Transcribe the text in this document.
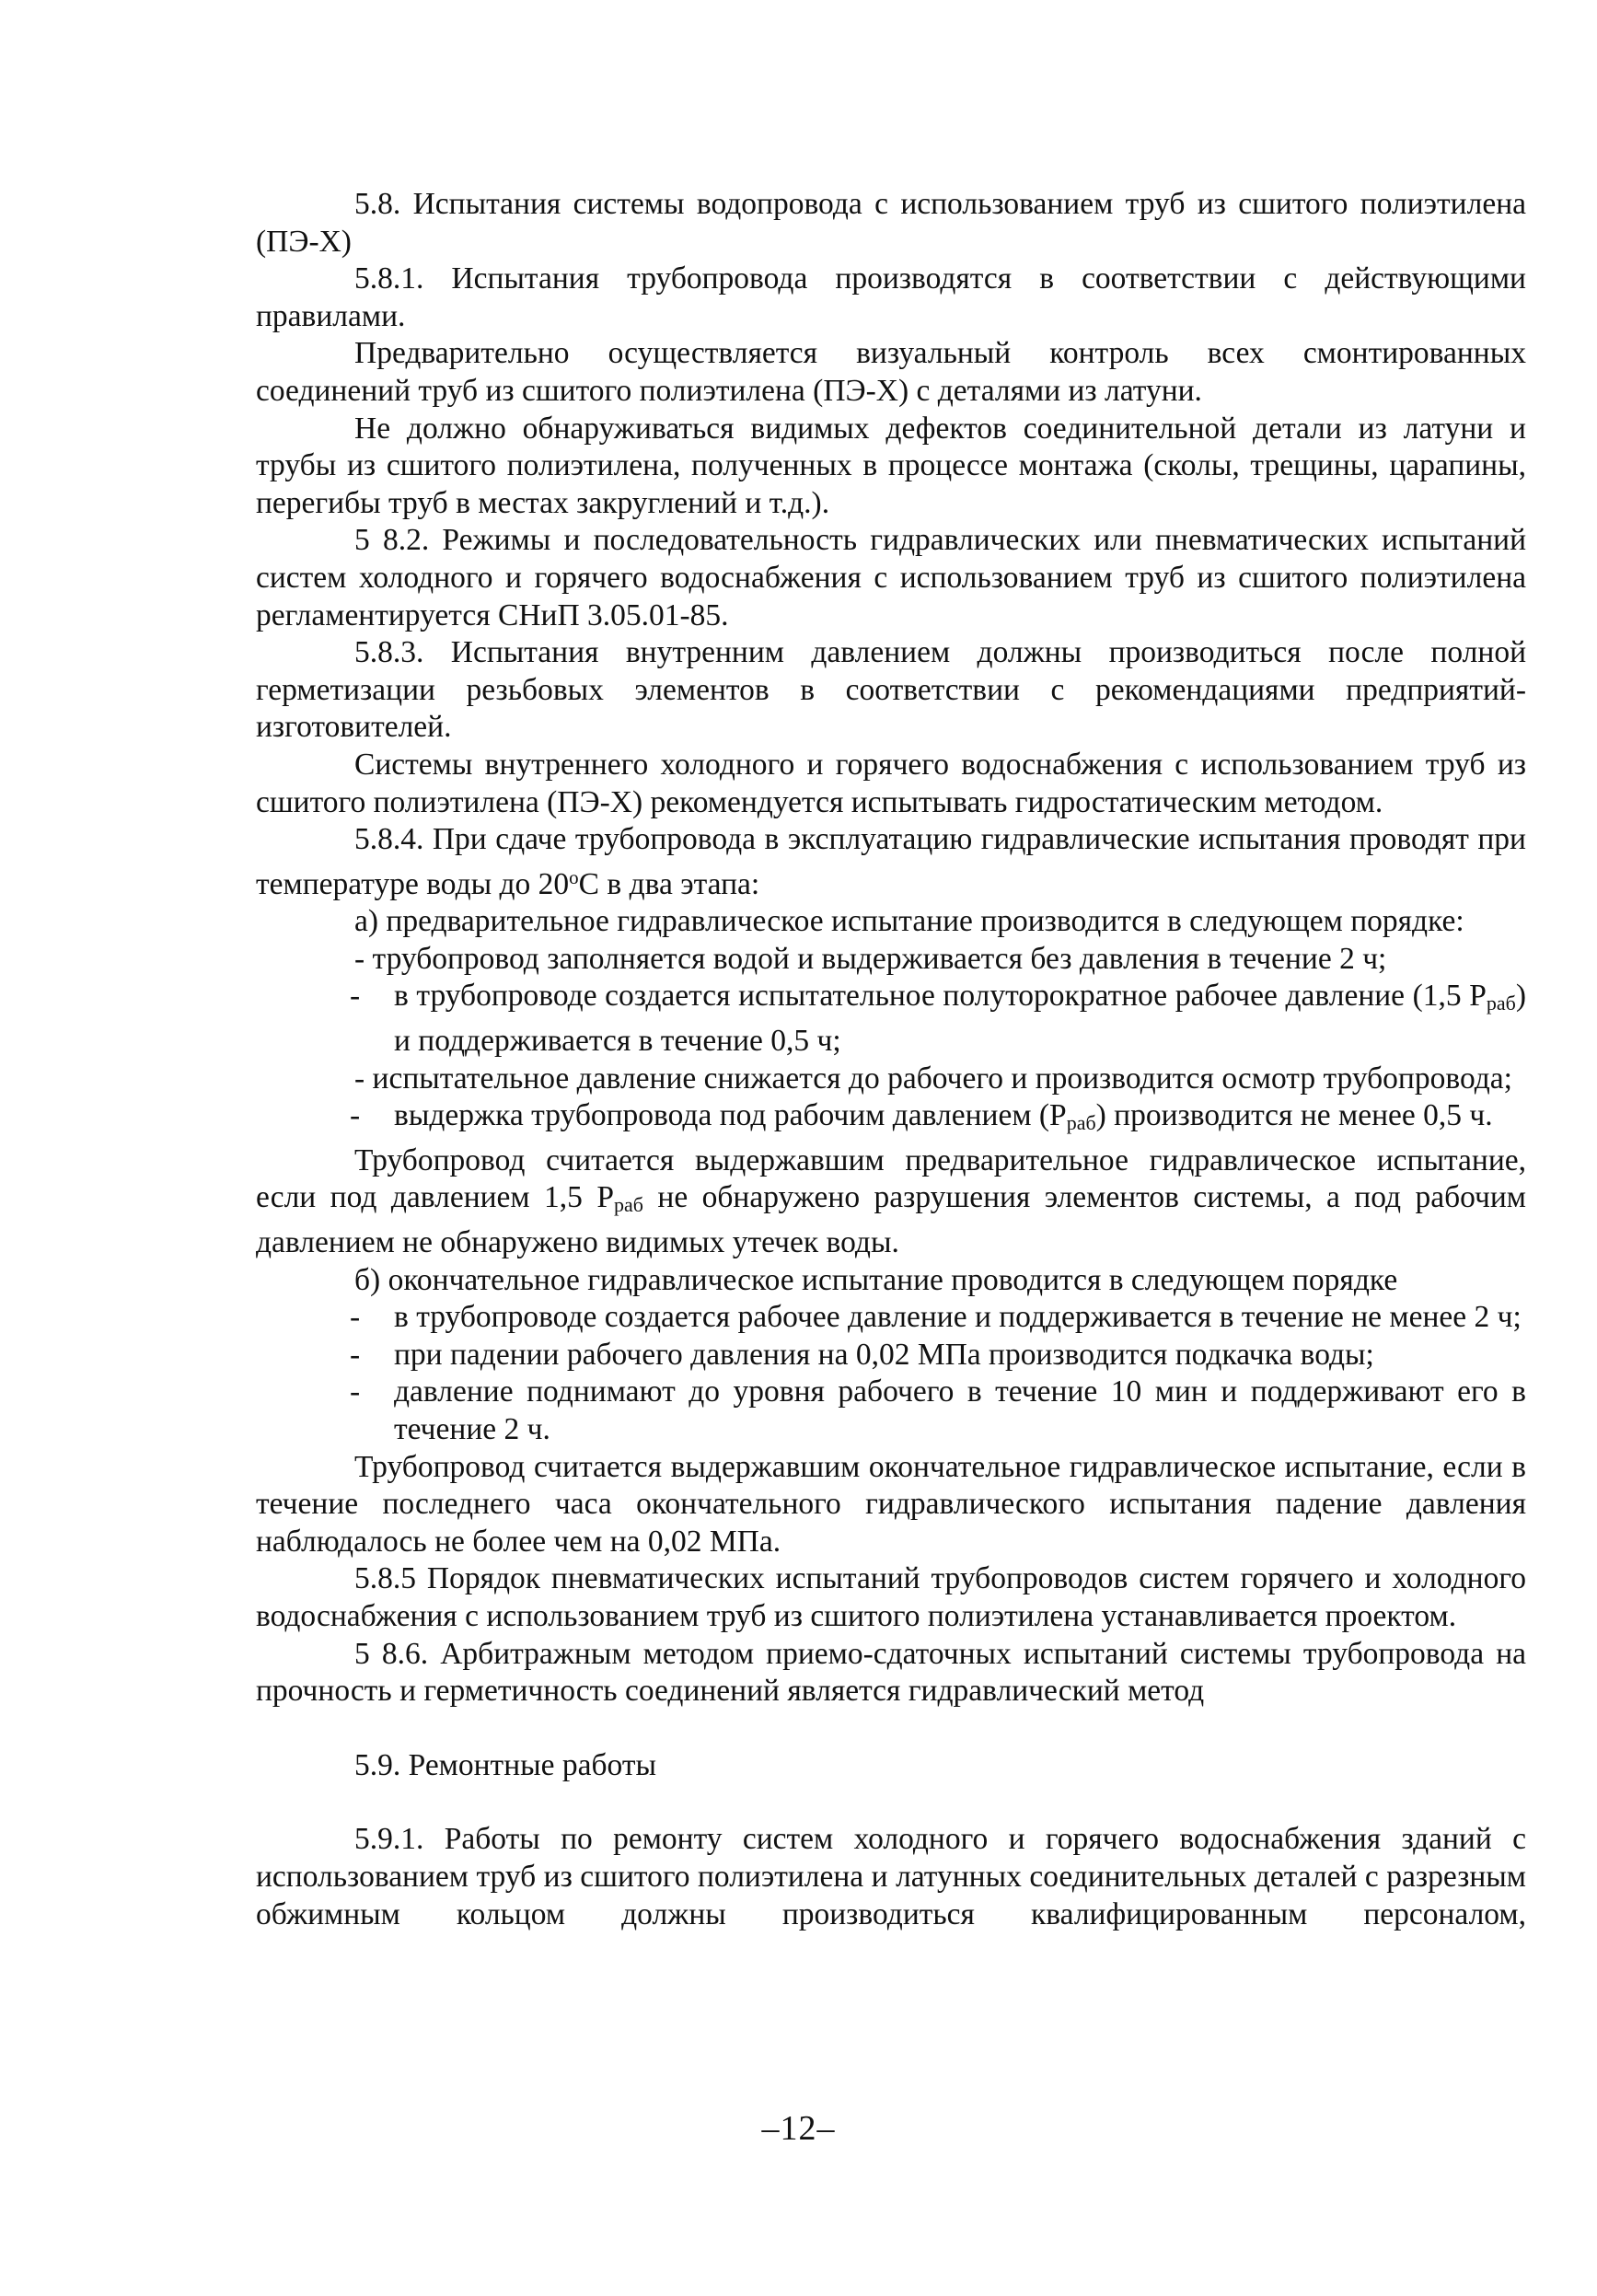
5.8. Испытания системы водопровода с использованием труб из сшитого полиэтилена (ПЭ-Х)

5.8.1. Испытания трубопровода производятся в соответствии с действующими правилами.

Предварительно осуществляется визуальный контроль всех смонтированных соединений труб из сшитого полиэтилена (ПЭ-Х) с деталями из латуни.

Не должно обнаруживаться видимых дефектов соединительной детали из латуни и трубы из сшитого полиэтилена, полученных в процессе монтажа (сколы, трещины, царапины, перегибы труб в местах закруглений и т.д.).

5 8.2. Режимы и последовательность гидравлических или пневматических испытаний систем холодного и горячего водоснабжения с использованием труб из сшитого полиэтилена регламентируется СНиП 3.05.01-85.

5.8.3. Испытания внутренним давлением должны производиться после полной герметизации резьбовых элементов в соответствии с рекомендациями предприятий-изготовителей.

Системы внутреннего холодного и горячего водоснабжения с использованием труб из сшитого полиэтилена (ПЭ-Х) рекомендуется испытывать гидростатическим методом.

5.8.4. При сдаче трубопровода в эксплуатацию гидравлические испытания проводят при температуре воды до 20$^o$С в два этапа:

а) предварительное гидравлическое испытание производится в следующем порядке:

- трубопровод заполняется водой и выдерживается без давления в течение 2 ч;

-	в трубопроводе создается испытательное полуторократное рабочее давление (1,5 $P_{раб}$) и поддерживается в течение 0,5 ч;

- испытательное давление снижается до рабочего и производится осмотр трубопровода;

-	выдержка трубопровода под рабочим давлением $(P_{раб})$ производится не менее 0,5 ч.

Трубопровод считается выдержавшим предварительное гидравлическое испытание, если под давлением 1,5 $P_{раб}$ не обнаружено разрушения элементов системы, а под рабочим давлением не обнаружено видимых утечек воды.

б) окончательное гидравлическое испытание проводится в следующем порядке

-	в трубопроводе создается рабочее давление и поддерживается в течение не менее 2 ч;
-	при падении рабочего давления на 0,02 МПа производится подкачка воды;
-	давление поднимают до уровня рабочего в течение 10 мин и поддерживают его в течение 2 ч.

Трубопровод считается выдержавшим окончательное гидравлическое испытание, если в течение последнего часа окончательного гидравлического испытания падение давления наблюдалось не более чем на 0,02 МПа.

5.8.5 Порядок пневматических испытаний трубопроводов систем горячего и холодного водоснабжения с использованием труб из сшитого полиэтилена устанавливается проектом.

5 8.6. Арбитражным методом приемо-сдаточных испытаний системы трубопровода на прочность и герметичность соединений является гидравлический метод

5.9. Ремонтные работы

5.9.1. Работы по ремонту систем холодного и горячего водоснабжения зданий с использованием труб из сшитого полиэтилена и латунных соединительных деталей с разрезным обжимным кольцом должны производиться квалифицированным персоналом,

–12–
